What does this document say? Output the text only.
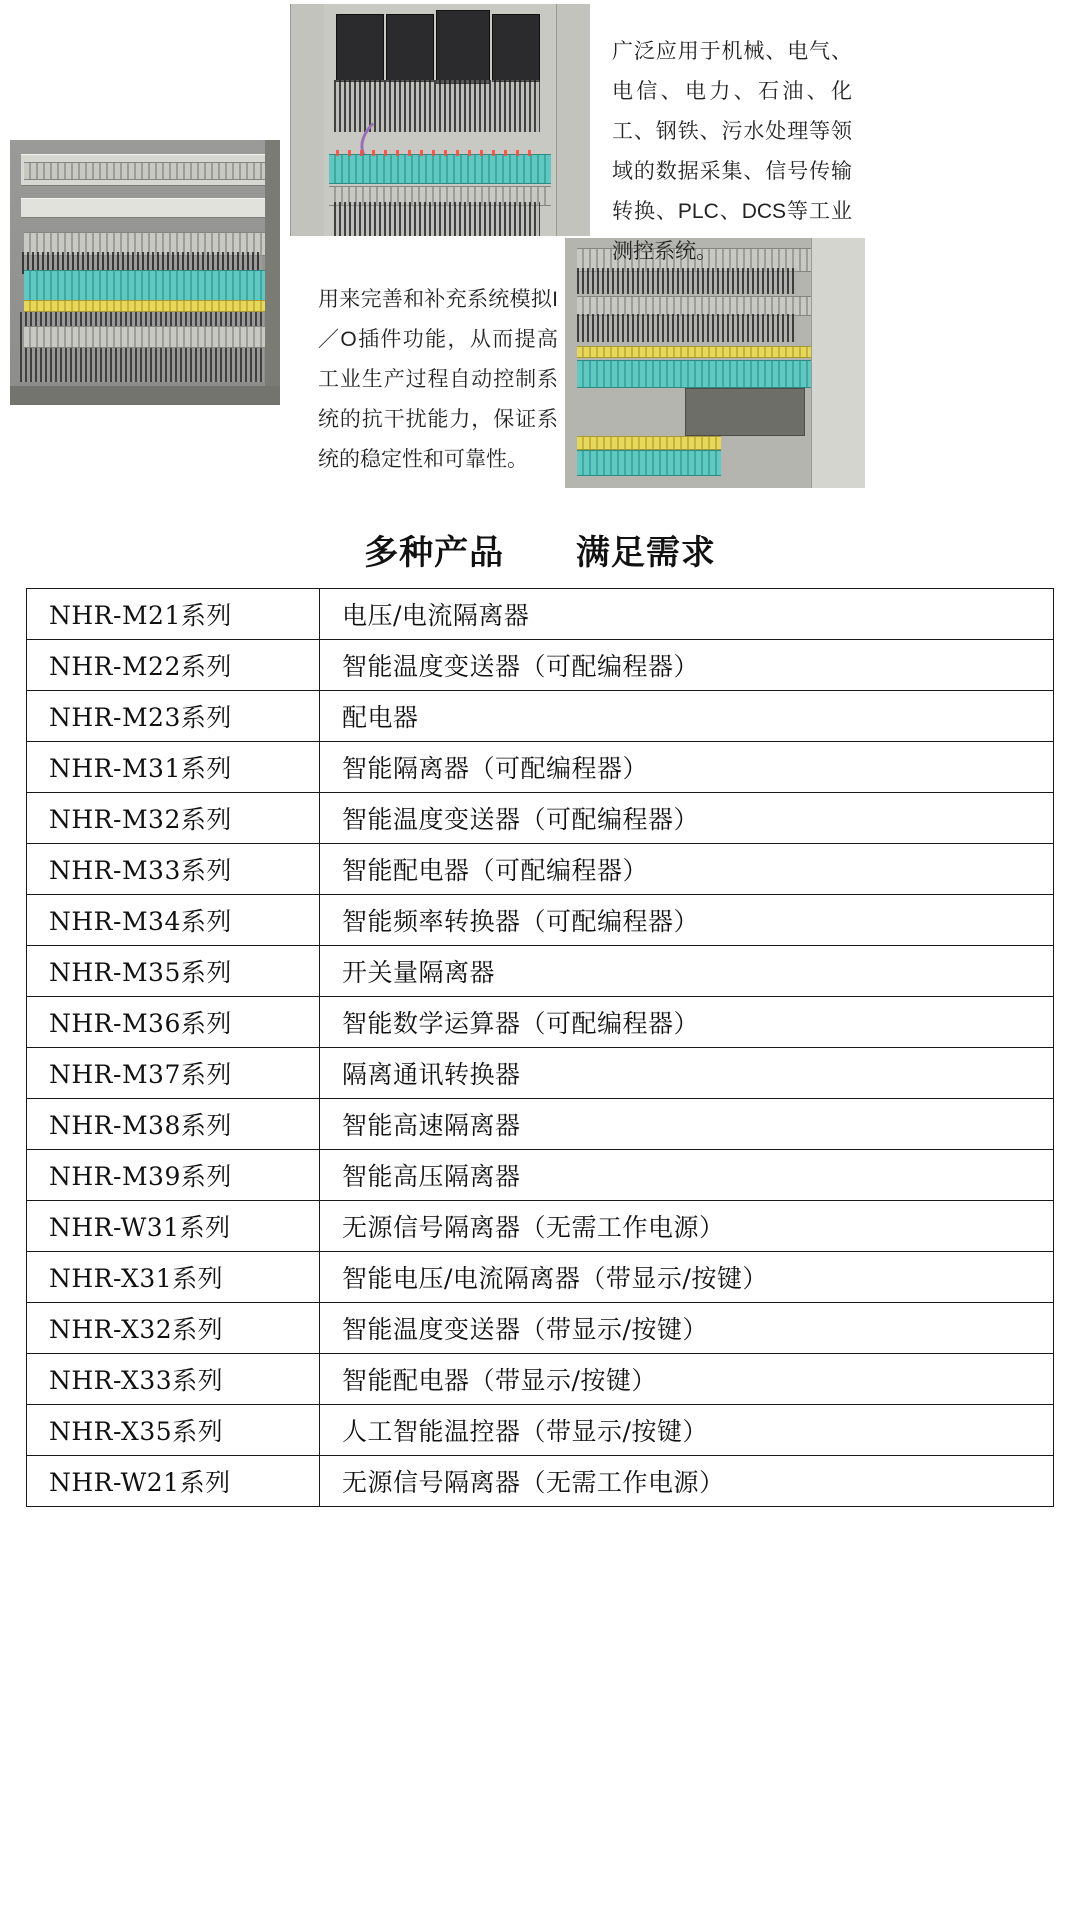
广泛应用于机械、电气、电信、电力、石油、化工、钢铁、污水处理等领域的数据采集、信号传输转换、PLC、DCS等工业测控系统。
用来完善和补充系统模拟I／O插件功能，从而提高工业生产过程自动控制系统的抗干扰能力，保证系统的稳定性和可靠性。
多种产品 满足需求
NHR-M21系列	电压/电流隔离器
NHR-M22系列	智能温度变送器（可配编程器）
NHR-M23系列	配电器
NHR-M31系列	智能隔离器（可配编程器）
NHR-M32系列	智能温度变送器（可配编程器）
NHR-M33系列	智能配电器（可配编程器）
NHR-M34系列	智能频率转换器（可配编程器）
NHR-M35系列	开关量隔离器
NHR-M36系列	智能数学运算器（可配编程器）
NHR-M37系列	隔离通讯转换器
NHR-M38系列	智能高速隔离器
NHR-M39系列	智能高压隔离器
NHR-W31系列	无源信号隔离器（无需工作电源）
NHR-X31系列	智能电压/电流隔离器（带显示/按键）
NHR-X32系列	智能温度变送器（带显示/按键）
NHR-X33系列	智能配电器（带显示/按键）
NHR-X35系列	人工智能温控器（带显示/按键）
NHR-W21系列	无源信号隔离器（无需工作电源）
